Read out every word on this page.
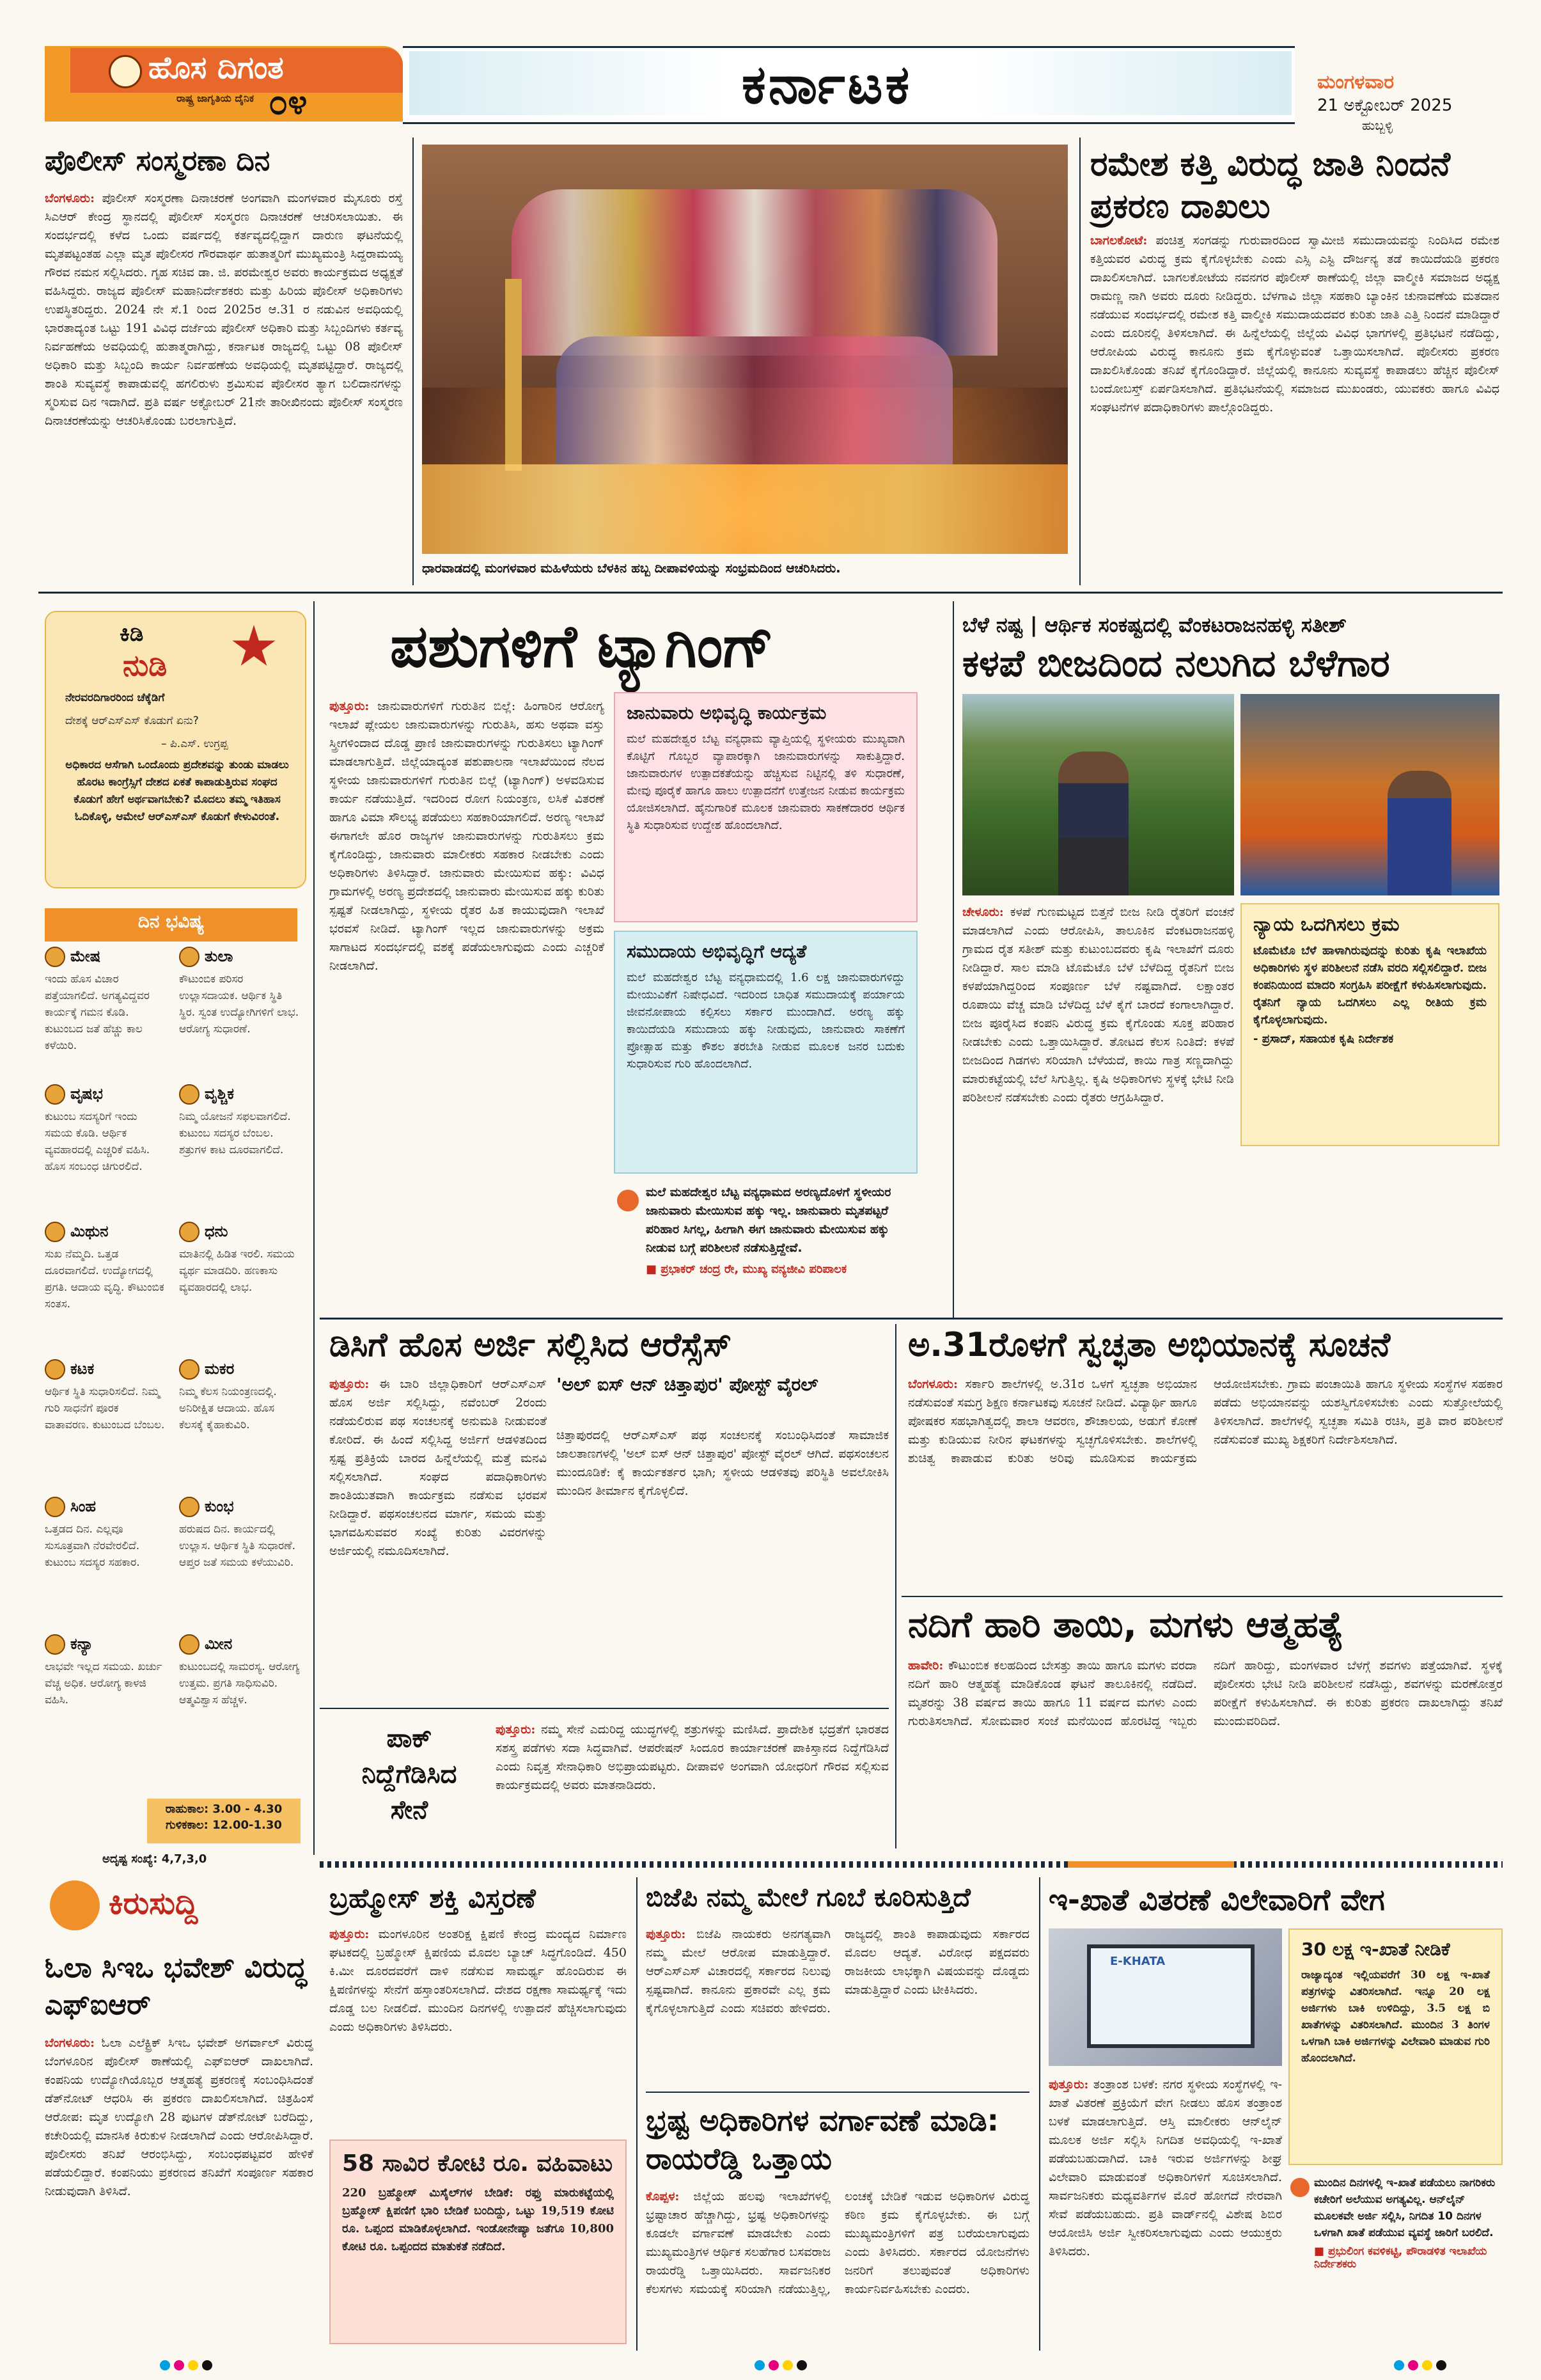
ಹೊಸ ದಿಗಂತ
ರಾಷ್ಟ್ರ ಜಾಗೃತಿಯ ದೈನಿಕ ೦೪	ಕರ್ನಾಟಕ	ಮಂಗಳವಾರ
21 ಅಕ್ಟೋಬರ್ 2025
ಹುಬ್ಬಳ್ಳಿ
ಪೊಲೀಸ್ ಸಂಸ್ಮರಣಾ ದಿನ
ಬೆಂಗಳೂರು: ಪೊಲೀಸ್ ಸಂಸ್ಮರಣಾ ದಿನಾಚರಣೆ ಅಂಗವಾಗಿ ಮಂಗಳವಾರ ಮೈಸೂರು ರಸ್ತೆ ಸಿಎಆರ್ ಕೇಂದ್ರ ಸ್ಥಾನದಲ್ಲಿ ಪೊಲೀಸ್ ಸಂಸ್ಮರಣ ದಿನಾಚರಣೆ ಆಚರಿಸಲಾಯಿತು. ಈ ಸಂದರ್ಭದಲ್ಲಿ ಕಳೆದ ಒಂದು ವರ್ಷದಲ್ಲಿ ಕರ್ತವ್ಯದಲ್ಲಿದ್ದಾಗ ದಾರುಣ ಘಟನೆಯಲ್ಲಿ ಮೃತಪಟ್ಟಂತಹ ಎಲ್ಲಾ ಮೃತ ಪೊಲೀಸರ ಗೌರವಾರ್ಥ ಹುತಾತ್ಮರಿಗೆ ಮುಖ್ಯಮಂತ್ರಿ ಸಿದ್ದರಾಮಯ್ಯ ಗೌರವ ನಮನ ಸಲ್ಲಿಸಿದರು. ಗೃಹ ಸಚಿವ ಡಾ. ಜಿ. ಪರಮೇಶ್ವರ ಅವರು ಕಾರ್ಯಕ್ರಮದ ಅಧ್ಯಕ್ಷತೆ ವಹಿಸಿದ್ದರು. ರಾಜ್ಯದ ಪೊಲೀಸ್ ಮಹಾನಿರ್ದೇಶಕರು ಮತ್ತು ಹಿರಿಯ ಪೊಲೀಸ್ ಅಧಿಕಾರಿಗಳು ಉಪಸ್ಥಿತರಿದ್ದರು. 2024 ನೇ ಸೆ.1 ರಿಂದ 2025ರ ಆ.31 ರ ನಡುವಿನ ಅವಧಿಯಲ್ಲಿ ಭಾರತಾದ್ಯಂತ ಒಟ್ಟು 191 ವಿವಿಧ ದರ್ಜೆಯ ಪೊಲೀಸ್ ಅಧಿಕಾರಿ ಮತ್ತು ಸಿಬ್ಬಂದಿಗಳು ಕರ್ತವ್ಯ ನಿರ್ವಹಣೆಯ ಅವಧಿಯಲ್ಲಿ ಹುತಾತ್ಮರಾಗಿದ್ದು, ಕರ್ನಾಟಕ ರಾಜ್ಯದಲ್ಲಿ ಒಟ್ಟು 08 ಪೊಲೀಸ್ ಅಧಿಕಾರಿ ಮತ್ತು ಸಿಬ್ಬಂದಿ ಕಾರ್ಯ ನಿರ್ವಹಣೆಯ ಅವಧಿಯಲ್ಲಿ ಮೃತಪಟ್ಟಿದ್ದಾರೆ. ರಾಜ್ಯದಲ್ಲಿ ಶಾಂತಿ ಸುವ್ಯವಸ್ಥೆ ಕಾಪಾಡುವಲ್ಲಿ ಹಗಲಿರುಳು ಶ್ರಮಿಸುವ ಪೊಲೀಸರ ತ್ಯಾಗ ಬಲಿದಾನಗಳನ್ನು ಸ್ಮರಿಸುವ ದಿನ ಇದಾಗಿದೆ. ಪ್ರತಿ ವರ್ಷ ಅಕ್ಟೋಬರ್ 21ನೇ ತಾರೀಖಿನಂದು ಪೊಲೀಸ್ ಸಂಸ್ಮರಣ ದಿನಾಚರಣೆಯನ್ನು ಆಚರಿಸಿಕೊಂಡು ಬರಲಾಗುತ್ತಿದೆ.
ಧಾರವಾಡದಲ್ಲಿ ಮಂಗಳವಾರ ಮಹಿಳೆಯರು ಬೆಳಕಿನ ಹಬ್ಬ ದೀಪಾವಳಿಯನ್ನು ಸಂಭ್ರಮದಿಂದ ಆಚರಿಸಿದರು.
ರಮೇಶ ಕತ್ತಿ ವಿರುದ್ಧ ಜಾತಿ ನಿಂದನೆ ಪ್ರಕರಣ ದಾಖಲು
ಬಾಗಲಕೋಟೆ: ಪಂಚಿತ್ತ ಸಂಗಡನ್ನು ಗುರುವಾರದಿಂದ ಸ್ವಾಮೀಜಿ ಸಮುದಾಯವನ್ನು ನಿಂದಿಸಿದ ರಮೇಶ ಕತ್ತಿಯವರ ವಿರುದ್ಧ ಕ್ರಮ ಕೈಗೊಳ್ಳಬೇಕು ಎಂದು ಎಸ್ಸಿ ಎಸ್ಟಿ ದೌರ್ಜನ್ಯ ತಡೆ ಕಾಯಿದೆಯಡಿ ಪ್ರಕರಣ ದಾಖಲಿಸಲಾಗಿದೆ. ಬಾಗಲಕೋಟೆಯ ನವನಗರ ಪೊಲೀಸ್ ಠಾಣೆಯಲ್ಲಿ ಜಿಲ್ಲಾ ವಾಲ್ಮೀಕಿ ಸಮಾಜದ ಅಧ್ಯಕ್ಷ ರಾಮಣ್ಣ ನಾಗಿ ಅವರು ದೂರು ನೀಡಿದ್ದರು. ಬೆಳಗಾವಿ ಜಿಲ್ಲಾ ಸಹಕಾರಿ ಬ್ಯಾಂಕಿನ ಚುನಾವಣೆಯ ಮತದಾನ ನಡೆಯುವ ಸಂದರ್ಭದಲ್ಲಿ ರಮೇಶ ಕತ್ತಿ ವಾಲ್ಮೀಕಿ ಸಮುದಾಯದವರ ಕುರಿತು ಜಾತಿ ಎತ್ತಿ ನಿಂದನೆ ಮಾಡಿದ್ದಾರೆ ಎಂದು ದೂರಿನಲ್ಲಿ ತಿಳಿಸಲಾಗಿದೆ. ಈ ಹಿನ್ನೆಲೆಯಲ್ಲಿ ಜಿಲ್ಲೆಯ ವಿವಿಧ ಭಾಗಗಳಲ್ಲಿ ಪ್ರತಿಭಟನೆ ನಡೆದಿದ್ದು, ಆರೋಪಿಯ ವಿರುದ್ಧ ಕಾನೂನು ಕ್ರಮ ಕೈಗೊಳ್ಳುವಂತೆ ಒತ್ತಾಯಿಸಲಾಗಿದೆ. ಪೊಲೀಸರು ಪ್ರಕರಣ ದಾಖಲಿಸಿಕೊಂಡು ತನಿಖೆ ಕೈಗೊಂಡಿದ್ದಾರೆ. ಜಿಲ್ಲೆಯಲ್ಲಿ ಕಾನೂನು ಸುವ್ಯವಸ್ಥೆ ಕಾಪಾಡಲು ಹೆಚ್ಚಿನ ಪೊಲೀಸ್ ಬಂದೋಬಸ್ತ್ ಏರ್ಪಡಿಸಲಾಗಿದೆ. ಪ್ರತಿಭಟನೆಯಲ್ಲಿ ಸಮಾಜದ ಮುಖಂಡರು, ಯುವಕರು ಹಾಗೂ ವಿವಿಧ ಸಂಘಟನೆಗಳ ಪದಾಧಿಕಾರಿಗಳು ಪಾಲ್ಗೊಂಡಿದ್ದರು.
ಕಿಡಿ
ನುಡಿ
ನೇರವರದಿಗಾರರಿಂದ ಚೆಕ್ಕೆಡಿಗೆ
ದೇಶಕ್ಕೆ ಆರ್‌ಎಸ್ಎಸ್ ಕೊಡುಗೆ ಏನು?
– ಪಿ.ಎಸ್. ಉಗ್ರಪ್ಪ
ಅಧಿಕಾರದ ಆಸೆಗಾಗಿ ಒಂದೊಂದು ಪ್ರದೇಶವನ್ನು ತುಂಡು ಮಾಡಲು ಹೊರಟ ಕಾಂಗ್ರೆಸ್ಸಿಗೆ ದೇಶದ ಏಕತೆ ಕಾಪಾಡುತ್ತಿರುವ ಸಂಘದ ಕೊಡುಗೆ ಹೇಗೆ ಅರ್ಥವಾಗಬೇಕು? ಮೊದಲು ತಮ್ಮ ಇತಿಹಾಸ ಓದಿಕೊಳ್ಳಿ, ಆಮೇಲೆ ಆರ್‌ಎಸ್ಎಸ್ ಕೊಡುಗೆ ಕೇಳುವಿರಂತೆ.
ದಿನ ಭವಿಷ್ಯ
ಮೇಷ
ಇಂದು ಹೊಸ ವಿಚಾರ ಪತ್ತೆಯಾಗಲಿದೆ. ಅಗತ್ಯವಿದ್ದವರ ಕಾರ್ಯಕ್ಕೆ ಗಮನ ಕೊಡಿ. ಕುಟುಂಬದ ಜತೆ ಹೆಚ್ಚು ಕಾಲ ಕಳೆಯಿರಿ.
ತುಲಾ
ಕೌಟುಂಬಿಕ ಪರಿಸರ ಉಲ್ಲಾಸದಾಯಕ. ಆರ್ಥಿಕ ಸ್ಥಿತಿ ಸ್ಥಿರ. ಸ್ವಂತ ಉದ್ಯೋಗಿಗಳಿಗೆ ಲಾಭ. ಆರೋಗ್ಯ ಸುಧಾರಣೆ.
ವೃಷಭ
ಕುಟುಂಬ ಸದಸ್ಯರಿಗೆ ಇಂದು ಸಮಯ ಕೊಡಿ. ಆರ್ಥಿಕ ವ್ಯವಹಾರದಲ್ಲಿ ಎಚ್ಚರಿಕೆ ವಹಿಸಿ. ಹೊಸ ಸಂಬಂಧ ಚಿಗುರಲಿದೆ.
ವೃಶ್ಚಿಕ
ನಿಮ್ಮ ಯೋಜನೆ ಸಫಲವಾಗಲಿದೆ. ಕುಟುಂಬ ಸದಸ್ಯರ ಬೆಂಬಲ. ಶತ್ರುಗಳ ಕಾಟ ದೂರವಾಗಲಿದೆ.
ಮಿಥುನ
ಸುಖ ನೆಮ್ಮದಿ. ಒತ್ತಡ ದೂರವಾಗಲಿದೆ. ಉದ್ಯೋಗದಲ್ಲಿ ಪ್ರಗತಿ. ಆದಾಯ ವೃದ್ಧಿ. ಕೌಟುಂಬಿಕ ಸಂತಸ.
ಧನು
ಮಾತಿನಲ್ಲಿ ಹಿಡಿತ ಇರಲಿ. ಸಮಯ ವ್ಯರ್ಥ ಮಾಡದಿರಿ. ಹಣಕಾಸು ವ್ಯವಹಾರದಲ್ಲಿ ಲಾಭ.
ಕಟಕ
ಆರ್ಥಿಕ ಸ್ಥಿತಿ ಸುಧಾರಿಸಲಿದೆ. ನಿಮ್ಮ ಗುರಿ ಸಾಧನೆಗೆ ಪೂರಕ ವಾತಾವರಣ. ಕುಟುಂಬದ ಬೆಂಬಲ.
ಮಕರ
ನಿಮ್ಮ ಕೆಲಸ ನಿಯಂತ್ರಣದಲ್ಲಿ. ಅನಿರೀಕ್ಷಿತ ಆದಾಯ. ಹೊಸ ಕೆಲಸಕ್ಕೆ ಕೈಹಾಕುವಿರಿ.
ಸಿಂಹ
ಒತ್ತಡದ ದಿನ. ಎಲ್ಲವೂ ಸುಸೂತ್ರವಾಗಿ ನೆರವೇರಲಿದೆ. ಕುಟುಂಬ ಸದಸ್ಯರ ಸಹಕಾರ.
ಕುಂಭ
ಹರುಷದ ದಿನ. ಕಾರ್ಯದಲ್ಲಿ ಉಲ್ಲಾಸ. ಆರ್ಥಿಕ ಸ್ಥಿತಿ ಸುಧಾರಣೆ. ಆಪ್ತರ ಜತೆ ಸಮಯ ಕಳೆಯುವಿರಿ.
ಕನ್ಯಾ
ಲಾಭವೇ ಇಲ್ಲದ ಸಮಯ. ಖರ್ಚು ವೆಚ್ಚ ಅಧಿಕ. ಆರೋಗ್ಯ ಕಾಳಜಿ ವಹಿಸಿ.
ಮೀನ
ಕುಟುಂಬದಲ್ಲಿ ಸಾಮರಸ್ಯ. ಆರೋಗ್ಯ ಉತ್ತಮ. ಪ್ರಗತಿ ಸಾಧಿಸುವಿರಿ. ಆತ್ಮವಿಶ್ವಾಸ ಹೆಚ್ಚಳ.
ರಾಹುಕಾಲ: 3.00 - 4.30
ಗುಳಿಕಕಾಲ: 12.00-1.30
ಅದೃಷ್ಟ ಸಂಖ್ಯೆ: 4,7,3,0
ಪಶುಗಳಿಗೆ ಟ್ಯಾಗಿಂಗ್
ಪುತ್ತೂರು: ಜಾನುವಾರುಗಳಿಗೆ ಗುರುತಿನ ಬಿಲ್ಲೆ: ಹಿಂಗಾರಿನ ಆರೋಗ್ಯ ಇಲಾಖೆ ಪ್ಲೇಯಲ ಜಾನುವಾರುಗಳನ್ನು ಗುರುತಿಸಿ, ಹಸು ಅಥವಾ ವಸ್ತು ಸ್ತ್ರೀಗಳಿಂದಾದ ದೊಡ್ಡ ಪ್ರಾಣಿ ಜಾನುವಾರುಗಳನ್ನು ಗುರುತಿಸಲು ಟ್ಯಾಗಿಂಗ್ ಮಾಡಲಾಗುತ್ತಿದೆ. ಜಿಲ್ಲೆಯಾದ್ಯಂತ ಪಶುಪಾಲನಾ ಇಲಾಖೆಯಿಂದ ನೆಲದ ಸ್ಥಳೀಯ ಜಾನುವಾರುಗಳಿಗೆ ಗುರುತಿನ ಬಿಲ್ಲೆ (ಟ್ಯಾಗಿಂಗ್) ಅಳವಡಿಸುವ ಕಾರ್ಯ ನಡೆಯುತ್ತಿದೆ. ಇದರಿಂದ ರೋಗ ನಿಯಂತ್ರಣ, ಲಸಿಕೆ ವಿತರಣೆ ಹಾಗೂ ವಿಮಾ ಸೌಲಭ್ಯ ಪಡೆಯಲು ಸಹಕಾರಿಯಾಗಲಿದೆ. ಅರಣ್ಯ ಇಲಾಖೆ ಈಗಾಗಲೇ ಹೊರ ರಾಜ್ಯಗಳ ಜಾನುವಾರುಗಳನ್ನು ಗುರುತಿಸಲು ಕ್ರಮ ಕೈಗೊಂಡಿದ್ದು, ಜಾನುವಾರು ಮಾಲೀಕರು ಸಹಕಾರ ನೀಡಬೇಕು ಎಂದು ಅಧಿಕಾರಿಗಳು ತಿಳಿಸಿದ್ದಾರೆ. ಜಾನುವಾರು ಮೇಯಿಸುವ ಹಕ್ಕು: ವಿವಿಧ ಗ್ರಾಮಗಳಲ್ಲಿ ಅರಣ್ಯ ಪ್ರದೇಶದಲ್ಲಿ ಜಾನುವಾರು ಮೇಯಿಸುವ ಹಕ್ಕು ಕುರಿತು ಸ್ಪಷ್ಟತೆ ನೀಡಲಾಗಿದ್ದು, ಸ್ಥಳೀಯ ರೈತರ ಹಿತ ಕಾಯುವುದಾಗಿ ಇಲಾಖೆ ಭರವಸೆ ನೀಡಿದೆ. ಟ್ಯಾಗಿಂಗ್ ಇಲ್ಲದ ಜಾನುವಾರುಗಳನ್ನು ಅಕ್ರಮ ಸಾಗಾಟದ ಸಂದರ್ಭದಲ್ಲಿ ವಶಕ್ಕೆ ಪಡೆಯಲಾಗುವುದು ಎಂದು ಎಚ್ಚರಿಕೆ ನೀಡಲಾಗಿದೆ.
ಜಾನುವಾರು ಅಭಿವೃದ್ಧಿ ಕಾರ್ಯಕ್ರಮ
ಮಲೆ ಮಹದೇಶ್ವರ ಬೆಟ್ಟ ವನ್ಯಧಾಮ ವ್ಯಾಪ್ತಿಯಲ್ಲಿ ಸ್ಥಳೀಯರು ಮುಖ್ಯವಾಗಿ ಕೊಟ್ಟಿಗೆ ಗೊಬ್ಬರ ವ್ಯಾಪಾರಕ್ಕಾಗಿ ಜಾನುವಾರುಗಳನ್ನು ಸಾಕುತ್ತಿದ್ದಾರೆ. ಜಾನುವಾರುಗಳ ಉತ್ಪಾದಕತೆಯನ್ನು ಹೆಚ್ಚಿಸುವ ನಿಟ್ಟಿನಲ್ಲಿ ತಳಿ ಸುಧಾರಣೆ, ಮೇವು ಪೂರೈಕೆ ಹಾಗೂ ಹಾಲು ಉತ್ಪಾದನೆಗೆ ಉತ್ತೇಜನ ನೀಡುವ ಕಾರ್ಯಕ್ರಮ ಯೋಜಿಸಲಾಗಿದೆ. ಹೈನುಗಾರಿಕೆ ಮೂಲಕ ಜಾನುವಾರು ಸಾಕಣೆದಾರರ ಆರ್ಥಿಕ ಸ್ಥಿತಿ ಸುಧಾರಿಸುವ ಉದ್ದೇಶ ಹೊಂದಲಾಗಿದೆ.
ಸಮುದಾಯ ಅಭಿವೃದ್ಧಿಗೆ ಆದ್ಯತೆ
ಮಲೆ ಮಹದೇಶ್ವರ ಬೆಟ್ಟ ವನ್ಯಧಾಮದಲ್ಲಿ 1.6 ಲಕ್ಷ ಜಾನುವಾರುಗಳಿದ್ದು ಮೇಯುವಿಕೆಗೆ ನಿಷೇಧವಿದೆ. ಇದರಿಂದ ಬಾಧಿತ ಸಮುದಾಯಕ್ಕೆ ಪರ್ಯಾಯ ಜೀವನೋಪಾಯ ಕಲ್ಪಿಸಲು ಸರ್ಕಾರ ಮುಂದಾಗಿದೆ. ಅರಣ್ಯ ಹಕ್ಕು ಕಾಯಿದೆಯಡಿ ಸಮುದಾಯ ಹಕ್ಕು ನೀಡುವುದು, ಜಾನುವಾರು ಸಾಕಣೆಗೆ ಪ್ರೋತ್ಸಾಹ ಮತ್ತು ಕೌಶಲ ತರಬೇತಿ ನೀಡುವ ಮೂಲಕ ಜನರ ಬದುಕು ಸುಧಾರಿಸುವ ಗುರಿ ಹೊಂದಲಾಗಿದೆ.
ಮಲೆ ಮಹದೇಶ್ವರ ಬೆಟ್ಟ ವನ್ಯಧಾಮದ ಅರಣ್ಯದೊಳಗೆ ಸ್ಥಳೀಯರ ಜಾನುವಾರು ಮೇಯಿಸುವ ಹಕ್ಕು ಇಲ್ಲ. ಜಾನುವಾರು ಮೃತಪಟ್ಟರೆ ಪರಿಹಾರ ಸಿಗಲ್ಲ, ಹೀಗಾಗಿ ಈಗ ಜಾನುವಾರು ಮೇಯಿಸುವ ಹಕ್ಕು ನೀಡುವ ಬಗ್ಗೆ ಪರಿಶೀಲನೆ ನಡೆಸುತ್ತಿದ್ದೇವೆ.
■ ಪ್ರಭಾಕರ್ ಚಂದ್ರ ರೇ, ಮುಖ್ಯ ವನ್ಯಜೀವಿ ಪರಿಪಾಲಕ
ಬೆಳೆ ನಷ್ಟ | ಆರ್ಥಿಕ ಸಂಕಷ್ಟದಲ್ಲಿ ವೆಂಕಟರಾಜನಹಳ್ಳಿ ಸತೀಶ್
ಕಳಪೆ ಬೀಜದಿಂದ ನಲುಗಿದ ಬೆಳೆಗಾರ
ಚೇಳೂರು: ಕಳಪೆ ಗುಣಮಟ್ಟದ ಬಿತ್ತನೆ ಬೀಜ ನೀಡಿ ರೈತರಿಗೆ ವಂಚನೆ ಮಾಡಲಾಗಿದೆ ಎಂದು ಆರೋಪಿಸಿ, ತಾಲೂಕಿನ ವೆಂಕಟರಾಜನಹಳ್ಳಿ ಗ್ರಾಮದ ರೈತ ಸತೀಶ್ ಮತ್ತು ಕುಟುಂಬದವರು ಕೃಷಿ ಇಲಾಖೆಗೆ ದೂರು ನೀಡಿದ್ದಾರೆ. ಸಾಲ ಮಾಡಿ ಟೊಮೆಟೊ ಬೆಳೆ ಬೆಳೆದಿದ್ದ ರೈತನಿಗೆ ಬೀಜ ಕಳಪೆಯಾಗಿದ್ದರಿಂದ ಸಂಪೂರ್ಣ ಬೆಳೆ ನಷ್ಟವಾಗಿದೆ. ಲಕ್ಷಾಂತರ ರೂಪಾಯಿ ವೆಚ್ಚ ಮಾಡಿ ಬೆಳೆದಿದ್ದ ಬೆಳೆ ಕೈಗೆ ಬಾರದೆ ಕಂಗಾಲಾಗಿದ್ದಾರೆ. ಬೀಜ ಪೂರೈಸಿದ ಕಂಪನಿ ವಿರುದ್ಧ ಕ್ರಮ ಕೈಗೊಂಡು ಸೂಕ್ತ ಪರಿಹಾರ ನೀಡಬೇಕು ಎಂದು ಒತ್ತಾಯಿಸಿದ್ದಾರೆ. ತೋಟದ ಕೆಲಸ ನಿಂತಿದೆ: ಕಳಪೆ ಬೀಜದಿಂದ ಗಿಡಗಳು ಸರಿಯಾಗಿ ಬೆಳೆಯದೆ, ಕಾಯಿ ಗಾತ್ರ ಸಣ್ಣದಾಗಿದ್ದು ಮಾರುಕಟ್ಟೆಯಲ್ಲಿ ಬೆಲೆ ಸಿಗುತ್ತಿಲ್ಲ. ಕೃಷಿ ಅಧಿಕಾರಿಗಳು ಸ್ಥಳಕ್ಕೆ ಭೇಟಿ ನೀಡಿ ಪರಿಶೀಲನೆ ನಡೆಸಬೇಕು ಎಂದು ರೈತರು ಆಗ್ರಹಿಸಿದ್ದಾರೆ.
ನ್ಯಾಯ ಒದಗಿಸಲು ಕ್ರಮ
ಟೊಮೆಟೊ ಬೆಳೆ ಹಾಳಾಗಿರುವುದನ್ನು ಕುರಿತು ಕೃಷಿ ಇಲಾಖೆಯ ಅಧಿಕಾರಿಗಳು ಸ್ಥಳ ಪರಿಶೀಲನೆ ನಡೆಸಿ ವರದಿ ಸಲ್ಲಿಸಲಿದ್ದಾರೆ. ಬೀಜ ಕಂಪನಿಯಿಂದ ಮಾದರಿ ಸಂಗ್ರಹಿಸಿ ಪರೀಕ್ಷೆಗೆ ಕಳುಹಿಸಲಾಗುವುದು. ರೈತನಿಗೆ ನ್ಯಾಯ ಒದಗಿಸಲು ಎಲ್ಲ ರೀತಿಯ ಕ್ರಮ ಕೈಗೊಳ್ಳಲಾಗುವುದು.
- ಪ್ರಸಾದ್, ಸಹಾಯಕ ಕೃಷಿ ನಿರ್ದೇಶಕ
ಡಿಸಿಗೆ ಹೊಸ ಅರ್ಜಿ ಸಲ್ಲಿಸಿದ ಆರೆಸ್ಸೆಸ್
ಪುತ್ತೂರು: ಈ ಬಾರಿ ಜಿಲ್ಲಾಧಿಕಾರಿಗೆ ಆರ್‌ಎಸ್ಎಸ್ ಹೊಸ ಅರ್ಜಿ ಸಲ್ಲಿಸಿದ್ದು, ನವೆಂಬರ್ 2ರಂದು ನಡೆಯಲಿರುವ ಪಥ ಸಂಚಲನಕ್ಕೆ ಅನುಮತಿ ನೀಡುವಂತೆ ಕೋರಿದೆ. ಈ ಹಿಂದೆ ಸಲ್ಲಿಸಿದ್ದ ಅರ್ಜಿಗೆ ಆಡಳಿತದಿಂದ ಸ್ಪಷ್ಟ ಪ್ರತಿಕ್ರಿಯೆ ಬಾರದ ಹಿನ್ನೆಲೆಯಲ್ಲಿ ಮತ್ತೆ ಮನವಿ ಸಲ್ಲಿಸಲಾಗಿದೆ. ಸಂಘದ ಪದಾಧಿಕಾರಿಗಳು ಶಾಂತಿಯುತವಾಗಿ ಕಾರ್ಯಕ್ರಮ ನಡೆಸುವ ಭರವಸೆ ನೀಡಿದ್ದಾರೆ. ಪಥಸಂಚಲನದ ಮಾರ್ಗ, ಸಮಯ ಮತ್ತು ಭಾಗವಹಿಸುವವರ ಸಂಖ್ಯೆ ಕುರಿತು ವಿವರಗಳನ್ನು ಅರ್ಜಿಯಲ್ಲಿ ನಮೂದಿಸಲಾಗಿದೆ.
'ಅಲ್ ಐಸ್ ಆನ್ ಚಿತ್ತಾಪುರ' ಪೋಸ್ಟ್ ವೈರಲ್
ಚಿತ್ತಾಪುರದಲ್ಲಿ ಆರ್‌ಎಸ್ಎಸ್ ಪಥ ಸಂಚಲನಕ್ಕೆ ಸಂಬಂಧಿಸಿದಂತೆ ಸಾಮಾಜಿಕ ಜಾಲತಾಣಗಳಲ್ಲಿ 'ಅಲ್ ಐಸ್ ಆನ್ ಚಿತ್ತಾಪುರ' ಪೋಸ್ಟ್ ವೈರಲ್ ಆಗಿದೆ. ಪಥಸಂಚಲನ ಮುಂದೂಡಿಕೆ: ಕೈ ಕಾರ್ಯಕರ್ತರ ಭಾಗಿ; ಸ್ಥಳೀಯ ಆಡಳಿತವು ಪರಿಸ್ಥಿತಿ ಅವಲೋಕಿಸಿ ಮುಂದಿನ ತೀರ್ಮಾನ ಕೈಗೊಳ್ಳಲಿದೆ.
ಅ.31ರೊಳಗೆ ಸ್ವಚ್ಛತಾ ಅಭಿಯಾನಕ್ಕೆ ಸೂಚನೆ
ಬೆಂಗಳೂರು: ಸರ್ಕಾರಿ ಶಾಲೆಗಳಲ್ಲಿ ಅ.31ರ ಒಳಗೆ ಸ್ವಚ್ಛತಾ ಅಭಿಯಾನ ನಡೆಸುವಂತೆ ಸಮಗ್ರ ಶಿಕ್ಷಣ ಕರ್ನಾಟಕವು ಸೂಚನೆ ನೀಡಿದೆ. ವಿದ್ಯಾರ್ಥಿ ಹಾಗೂ ಪೋಷಕರ ಸಹಭಾಗಿತ್ವದಲ್ಲಿ ಶಾಲಾ ಆವರಣ, ಶೌಚಾಲಯ, ಅಡುಗೆ ಕೋಣೆ ಮತ್ತು ಕುಡಿಯುವ ನೀರಿನ ಘಟಕಗಳನ್ನು ಸ್ವಚ್ಛಗೊಳಿಸಬೇಕು. ಶಾಲೆಗಳಲ್ಲಿ ಶುಚಿತ್ವ ಕಾಪಾಡುವ ಕುರಿತು ಅರಿವು ಮೂಡಿಸುವ ಕಾರ್ಯಕ್ರಮ ಆಯೋಜಿಸಬೇಕು. ಗ್ರಾಮ ಪಂಚಾಯಿತಿ ಹಾಗೂ ಸ್ಥಳೀಯ ಸಂಸ್ಥೆಗಳ ಸಹಕಾರ ಪಡೆದು ಅಭಿಯಾನವನ್ನು ಯಶಸ್ವಿಗೊಳಿಸಬೇಕು ಎಂದು ಸುತ್ತೋಲೆಯಲ್ಲಿ ತಿಳಿಸಲಾಗಿದೆ. ಶಾಲೆಗಳಲ್ಲಿ ಸ್ವಚ್ಛತಾ ಸಮಿತಿ ರಚಿಸಿ, ಪ್ರತಿ ವಾರ ಪರಿಶೀಲನೆ ನಡೆಸುವಂತೆ ಮುಖ್ಯ ಶಿಕ್ಷಕರಿಗೆ ನಿರ್ದೇಶಿಸಲಾಗಿದೆ.
ನದಿಗೆ ಹಾರಿ ತಾಯಿ, ಮಗಳು ಆತ್ಮಹತ್ಯೆ
ಹಾವೇರಿ: ಕೌಟುಂಬಿಕ ಕಲಹದಿಂದ ಬೇಸತ್ತು ತಾಯಿ ಹಾಗೂ ಮಗಳು ವರದಾ ನದಿಗೆ ಹಾರಿ ಆತ್ಮಹತ್ಯೆ ಮಾಡಿಕೊಂಡ ಘಟನೆ ತಾಲೂಕಿನಲ್ಲಿ ನಡೆದಿದೆ. ಮೃತರನ್ನು 38 ವರ್ಷದ ತಾಯಿ ಹಾಗೂ 11 ವರ್ಷದ ಮಗಳು ಎಂದು ಗುರುತಿಸಲಾಗಿದೆ. ಸೋಮವಾರ ಸಂಜೆ ಮನೆಯಿಂದ ಹೊರಟಿದ್ದ ಇಬ್ಬರು ನದಿಗೆ ಹಾರಿದ್ದು, ಮಂಗಳವಾರ ಬೆಳಗ್ಗೆ ಶವಗಳು ಪತ್ತೆಯಾಗಿವೆ. ಸ್ಥಳಕ್ಕೆ ಪೊಲೀಸರು ಭೇಟಿ ನೀಡಿ ಪರಿಶೀಲನೆ ನಡೆಸಿದ್ದು, ಶವಗಳನ್ನು ಮರಣೋತ್ತರ ಪರೀಕ್ಷೆಗೆ ಕಳುಹಿಸಲಾಗಿದೆ. ಈ ಕುರಿತು ಪ್ರಕರಣ ದಾಖಲಾಗಿದ್ದು ತನಿಖೆ ಮುಂದುವರಿದಿದೆ.
ಪಾಕ್ ನಿದ್ದೆಗೆಡಿಸಿದ ಸೇನೆ
ಪುತ್ತೂರು: ನಮ್ಮ ಸೇನೆ ಎದುರಿದ್ದ ಯುದ್ಧಗಳಲ್ಲಿ ಶತ್ರುಗಳನ್ನು ಮಣಿಸಿದೆ. ಪ್ರಾದೇಶಿಕ ಭದ್ರತೆಗೆ ಭಾರತದ ಸಶಸ್ತ್ರ ಪಡೆಗಳು ಸದಾ ಸಿದ್ಧವಾಗಿವೆ. ಆಪರೇಷನ್ ಸಿಂದೂರ ಕಾರ್ಯಾಚರಣೆ ಪಾಕಿಸ್ತಾನದ ನಿದ್ದೆಗೆಡಿಸಿದೆ ಎಂದು ನಿವೃತ್ತ ಸೇನಾಧಿಕಾರಿ ಅಭಿಪ್ರಾಯಪಟ್ಟರು. ದೀಪಾವಳಿ ಅಂಗವಾಗಿ ಯೋಧರಿಗೆ ಗೌರವ ಸಲ್ಲಿಸುವ ಕಾರ್ಯಕ್ರಮದಲ್ಲಿ ಅವರು ಮಾತನಾಡಿದರು.
ಕಿರುಸುದ್ದಿ
ಓಲಾ ಸಿಇಒ ಭವೇಶ್ ವಿರುದ್ಧ ಎಫ್‌ಐಆರ್
ಬೆಂಗಳೂರು: ಓಲಾ ಎಲೆಕ್ಟ್ರಿಕ್ ಸಿಇಒ ಭವೇಶ್ ಅಗರ್ವಾಲ್ ವಿರುದ್ಧ ಬೆಂಗಳೂರಿನ ಪೊಲೀಸ್ ಠಾಣೆಯಲ್ಲಿ ಎಫ್‌ಐಆರ್ ದಾಖಲಾಗಿದೆ. ಕಂಪನಿಯ ಉದ್ಯೋಗಿಯೊಬ್ಬರ ಆತ್ಮಹತ್ಯೆ ಪ್ರಕರಣಕ್ಕೆ ಸಂಬಂಧಿಸಿದಂತೆ ಡೆತ್‌ನೋಟ್ ಆಧರಿಸಿ ಈ ಪ್ರಕರಣ ದಾಖಲಿಸಲಾಗಿದೆ. ಚಿತ್ರಹಿಂಸೆ ಆರೋಪ: ಮೃತ ಉದ್ಯೋಗಿ 28 ಪುಟಗಳ ಡೆತ್‌ನೋಟ್ ಬರೆದಿದ್ದು, ಕಚೇರಿಯಲ್ಲಿ ಮಾನಸಿಕ ಕಿರುಕುಳ ನೀಡಲಾಗಿದೆ ಎಂದು ಆರೋಪಿಸಿದ್ದಾರೆ. ಪೊಲೀಸರು ತನಿಖೆ ಆರಂಭಿಸಿದ್ದು, ಸಂಬಂಧಪಟ್ಟವರ ಹೇಳಿಕೆ ಪಡೆಯಲಿದ್ದಾರೆ. ಕಂಪನಿಯು ಪ್ರಕರಣದ ತನಿಖೆಗೆ ಸಂಪೂರ್ಣ ಸಹಕಾರ ನೀಡುವುದಾಗಿ ತಿಳಿಸಿದೆ.
ಬ್ರಹ್ಮೋಸ್ ಶಕ್ತಿ ವಿಸ್ತರಣೆ
ಪುತ್ತೂರು: ಮಂಗಳೂರಿನ ಅಂತರಿಕ್ಷ ಕ್ಷಿಪಣಿ ಕೇಂದ್ರ ಮಂದ್ಯದ ನಿರ್ಮಾಣ ಘಟಕದಲ್ಲಿ ಬ್ರಹ್ಮೋಸ್ ಕ್ಷಿಪಣಿಯ ಮೊದಲ ಬ್ಯಾಚ್ ಸಿದ್ಧಗೊಂಡಿದೆ. 450 ಕಿ.ಮೀ ದೂರದವರೆಗೆ ದಾಳಿ ನಡೆಸುವ ಸಾಮರ್ಥ್ಯ ಹೊಂದಿರುವ ಈ ಕ್ಷಿಪಣಿಗಳನ್ನು ಸೇನೆಗೆ ಹಸ್ತಾಂತರಿಸಲಾಗಿದೆ. ದೇಶದ ರಕ್ಷಣಾ ಸಾಮರ್ಥ್ಯಕ್ಕೆ ಇದು ದೊಡ್ಡ ಬಲ ನೀಡಲಿದೆ. ಮುಂದಿನ ದಿನಗಳಲ್ಲಿ ಉತ್ಪಾದನೆ ಹೆಚ್ಚಿಸಲಾಗುವುದು ಎಂದು ಅಧಿಕಾರಿಗಳು ತಿಳಿಸಿದರು.
58 ಸಾವಿರ ಕೋಟಿ ರೂ. ವಹಿವಾಟು
220 ಬ್ರಹ್ಮೋಸ್ ಮಿಸೈಲ್‌ಗಳ ಬೇಡಿಕೆ: ರಫ್ತು ಮಾರುಕಟ್ಟೆಯಲ್ಲಿ ಬ್ರಹ್ಮೋಸ್ ಕ್ಷಿಪಣಿಗೆ ಭಾರಿ ಬೇಡಿಕೆ ಬಂದಿದ್ದು, ಒಟ್ಟು 19,519 ಕೋಟಿ ರೂ. ಒಪ್ಪಂದ ಮಾಡಿಕೊಳ್ಳಲಾಗಿದೆ. ಇಂಡೋನೇಷ್ಯಾ ಜತೆಗೂ 10,800 ಕೋಟಿ ರೂ. ಒಪ್ಪಂದದ ಮಾತುಕತೆ ನಡೆದಿದೆ.
ಬಿಜೆಪಿ ನಮ್ಮ ಮೇಲೆ ಗೂಬೆ ಕೂರಿಸುತ್ತಿದೆ
ಪುತ್ತೂರು: ಬಿಜೆಪಿ ನಾಯಕರು ಅನಗತ್ಯವಾಗಿ ನಮ್ಮ ಮೇಲೆ ಆರೋಪ ಮಾಡುತ್ತಿದ್ದಾರೆ. ಆರ್‌ಎಸ್ಎಸ್ ವಿಚಾರದಲ್ಲಿ ಸರ್ಕಾರದ ನಿಲುವು ಸ್ಪಷ್ಟವಾಗಿದೆ. ಕಾನೂನು ಪ್ರಕಾರವೇ ಎಲ್ಲ ಕ್ರಮ ಕೈಗೊಳ್ಳಲಾಗುತ್ತಿದೆ ಎಂದು ಸಚಿವರು ಹೇಳಿದರು. ರಾಜ್ಯದಲ್ಲಿ ಶಾಂತಿ ಕಾಪಾಡುವುದು ಸರ್ಕಾರದ ಮೊದಲ ಆದ್ಯತೆ. ವಿರೋಧ ಪಕ್ಷದವರು ರಾಜಕೀಯ ಲಾಭಕ್ಕಾಗಿ ವಿಷಯವನ್ನು ದೊಡ್ಡದು ಮಾಡುತ್ತಿದ್ದಾರೆ ಎಂದು ಟೀಕಿಸಿದರು.
ಭ್ರಷ್ಟ ಅಧಿಕಾರಿಗಳ ವರ್ಗಾವಣೆ ಮಾಡಿ: ರಾಯರೆಡ್ಡಿ ಒತ್ತಾಯ
ಕೊಪ್ಪಳ: ಜಿಲ್ಲೆಯ ಹಲವು ಇಲಾಖೆಗಳಲ್ಲಿ ಭ್ರಷ್ಟಾಚಾರ ಹೆಚ್ಚಾಗಿದ್ದು, ಭ್ರಷ್ಟ ಅಧಿಕಾರಿಗಳನ್ನು ಕೂಡಲೇ ವರ್ಗಾವಣೆ ಮಾಡಬೇಕು ಎಂದು ಮುಖ್ಯಮಂತ್ರಿಗಳ ಆರ್ಥಿಕ ಸಲಹೆಗಾರ ಬಸವರಾಜ ರಾಯರೆಡ್ಡಿ ಒತ್ತಾಯಿಸಿದರು. ಸಾರ್ವಜನಿಕರ ಕೆಲಸಗಳು ಸಮಯಕ್ಕೆ ಸರಿಯಾಗಿ ನಡೆಯುತ್ತಿಲ್ಲ, ಲಂಚಕ್ಕೆ ಬೇಡಿಕೆ ಇಡುವ ಅಧಿಕಾರಿಗಳ ವಿರುದ್ಧ ಕಠಿಣ ಕ್ರಮ ಕೈಗೊಳ್ಳಬೇಕು. ಈ ಬಗ್ಗೆ ಮುಖ್ಯಮಂತ್ರಿಗಳಿಗೆ ಪತ್ರ ಬರೆಯಲಾಗುವುದು ಎಂದು ತಿಳಿಸಿದರು. ಸರ್ಕಾರದ ಯೋಜನೆಗಳು ಜನರಿಗೆ ತಲುಪುವಂತೆ ಅಧಿಕಾರಿಗಳು ಕಾರ್ಯನಿರ್ವಹಿಸಬೇಕು ಎಂದರು.
ಇ-ಖಾತೆ ವಿತರಣೆ ವಿಲೇವಾರಿಗೆ ವೇಗ
E-KHATA
30 ಲಕ್ಷ ಇ-ಖಾತೆ ನೀಡಿಕೆ
ರಾಜ್ಯಾದ್ಯಂತ ಇಲ್ಲಿಯವರೆಗೆ 30 ಲಕ್ಷ ಇ-ಖಾತೆ ಪತ್ರಗಳನ್ನು ವಿತರಿಸಲಾಗಿದೆ. ಇನ್ನೂ 20 ಲಕ್ಷ ಅರ್ಜಿಗಳು ಬಾಕಿ ಉಳಿದಿದ್ದು, 3.5 ಲಕ್ಷ ಬಿ ಖಾತೆಗಳನ್ನು ವಿತರಿಸಲಾಗಿದೆ. ಮುಂದಿನ 3 ತಿಂಗಳ ಒಳಗಾಗಿ ಬಾಕಿ ಅರ್ಜಿಗಳನ್ನು ವಿಲೇವಾರಿ ಮಾಡುವ ಗುರಿ ಹೊಂದಲಾಗಿದೆ.
ಪುತ್ತೂರು: ತಂತ್ರಾಂಶ ಬಳಕೆ: ನಗರ ಸ್ಥಳೀಯ ಸಂಸ್ಥೆಗಳಲ್ಲಿ ಇ-ಖಾತೆ ವಿತರಣೆ ಪ್ರಕ್ರಿಯೆಗೆ ವೇಗ ನೀಡಲು ಹೊಸ ತಂತ್ರಾಂಶ ಬಳಕೆ ಮಾಡಲಾಗುತ್ತಿದೆ. ಆಸ್ತಿ ಮಾಲೀಕರು ಆನ್‌ಲೈನ್ ಮೂಲಕ ಅರ್ಜಿ ಸಲ್ಲಿಸಿ ನಿಗದಿತ ಅವಧಿಯಲ್ಲಿ ಇ-ಖಾತೆ ಪಡೆಯಬಹುದಾಗಿದೆ. ಬಾಕಿ ಇರುವ ಅರ್ಜಿಗಳನ್ನು ಶೀಘ್ರ ವಿಲೇವಾರಿ ಮಾಡುವಂತೆ ಅಧಿಕಾರಿಗಳಿಗೆ ಸೂಚಿಸಲಾಗಿದೆ. ಸಾರ್ವಜನಿಕರು ಮಧ್ಯವರ್ತಿಗಳ ಮೊರೆ ಹೋಗದೆ ನೇರವಾಗಿ ಸೇವೆ ಪಡೆಯಬಹುದು. ಪ್ರತಿ ವಾರ್ಡ್‌ನಲ್ಲಿ ವಿಶೇಷ ಶಿಬಿರ ಆಯೋಜಿಸಿ ಅರ್ಜಿ ಸ್ವೀಕರಿಸಲಾಗುವುದು ಎಂದು ಆಯುಕ್ತರು ತಿಳಿಸಿದರು.
ಮುಂದಿನ ದಿನಗಳಲ್ಲಿ ಇ-ಖಾತೆ ಪಡೆಯಲು ನಾಗರಿಕರು ಕಚೇರಿಗೆ ಅಲೆಯುವ ಅಗತ್ಯವಿಲ್ಲ. ಆನ್‌ಲೈನ್ ಮೂಲಕವೇ ಅರ್ಜಿ ಸಲ್ಲಿಸಿ, ನಿಗದಿತ 10 ದಿನಗಳ ಒಳಗಾಗಿ ಖಾತೆ ಪಡೆಯುವ ವ್ಯವಸ್ಥೆ ಜಾರಿಗೆ ಬರಲಿದೆ.
■ ಪ್ರಭುಲಿಂಗ ಕವಳಿಕಟ್ಟಿ, ಪೌರಾಡಳಿತ ಇಲಾಖೆಯ ನಿರ್ದೇಶಕರು
